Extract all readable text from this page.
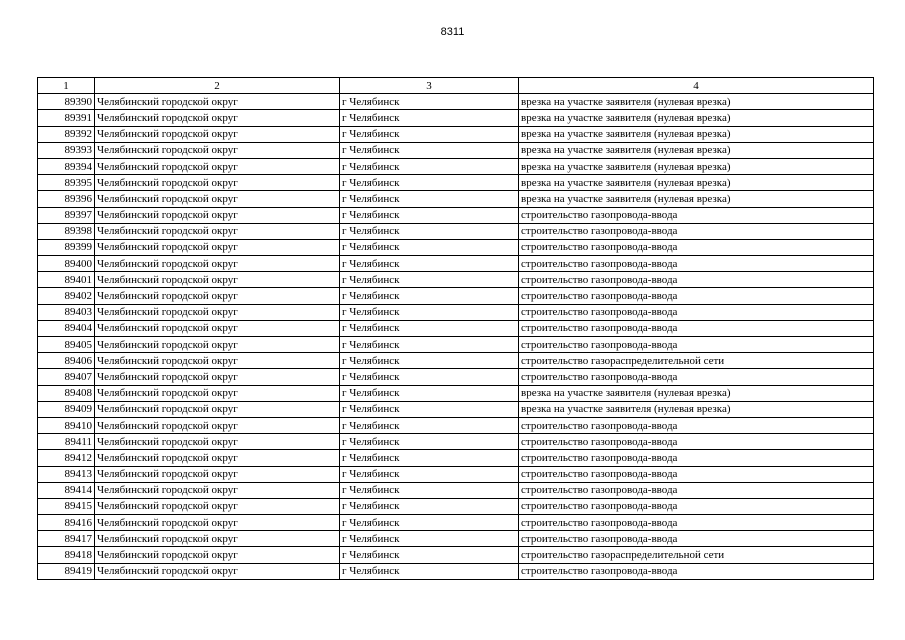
8311
1	2	3	4
89390	Челябинский городской округ	г Челябинск	врезка на участке заявителя (нулевая врезка)
89391	Челябинский городской округ	г Челябинск	врезка на участке заявителя (нулевая врезка)
89392	Челябинский городской округ	г Челябинск	врезка на участке заявителя (нулевая врезка)
89393	Челябинский городской округ	г Челябинск	врезка на участке заявителя (нулевая врезка)
89394	Челябинский городской округ	г Челябинск	врезка на участке заявителя (нулевая врезка)
89395	Челябинский городской округ	г Челябинск	врезка на участке заявителя (нулевая врезка)
89396	Челябинский городской округ	г Челябинск	врезка на участке заявителя (нулевая врезка)
89397	Челябинский городской округ	г Челябинск	строительство газопровода-ввода
89398	Челябинский городской округ	г Челябинск	строительство газопровода-ввода
89399	Челябинский городской округ	г Челябинск	строительство газопровода-ввода
89400	Челябинский городской округ	г Челябинск	строительство газопровода-ввода
89401	Челябинский городской округ	г Челябинск	строительство газопровода-ввода
89402	Челябинский городской округ	г Челябинск	строительство газопровода-ввода
89403	Челябинский городской округ	г Челябинск	строительство газопровода-ввода
89404	Челябинский городской округ	г Челябинск	строительство газопровода-ввода
89405	Челябинский городской округ	г Челябинск	строительство газопровода-ввода
89406	Челябинский городской округ	г Челябинск	строительство газораспределительной сети
89407	Челябинский городской округ	г Челябинск	строительство газопровода-ввода
89408	Челябинский городской округ	г Челябинск	врезка на участке заявителя (нулевая врезка)
89409	Челябинский городской округ	г Челябинск	врезка на участке заявителя (нулевая врезка)
89410	Челябинский городской округ	г Челябинск	строительство газопровода-ввода
89411	Челябинский городской округ	г Челябинск	строительство газопровода-ввода
89412	Челябинский городской округ	г Челябинск	строительство газопровода-ввода
89413	Челябинский городской округ	г Челябинск	строительство газопровода-ввода
89414	Челябинский городской округ	г Челябинск	строительство газопровода-ввода
89415	Челябинский городской округ	г Челябинск	строительство газопровода-ввода
89416	Челябинский городской округ	г Челябинск	строительство газопровода-ввода
89417	Челябинский городской округ	г Челябинск	строительство газопровода-ввода
89418	Челябинский городской округ	г Челябинск	строительство газораспределительной сети
89419	Челябинский городской округ	г Челябинск	строительство газопровода-ввода
